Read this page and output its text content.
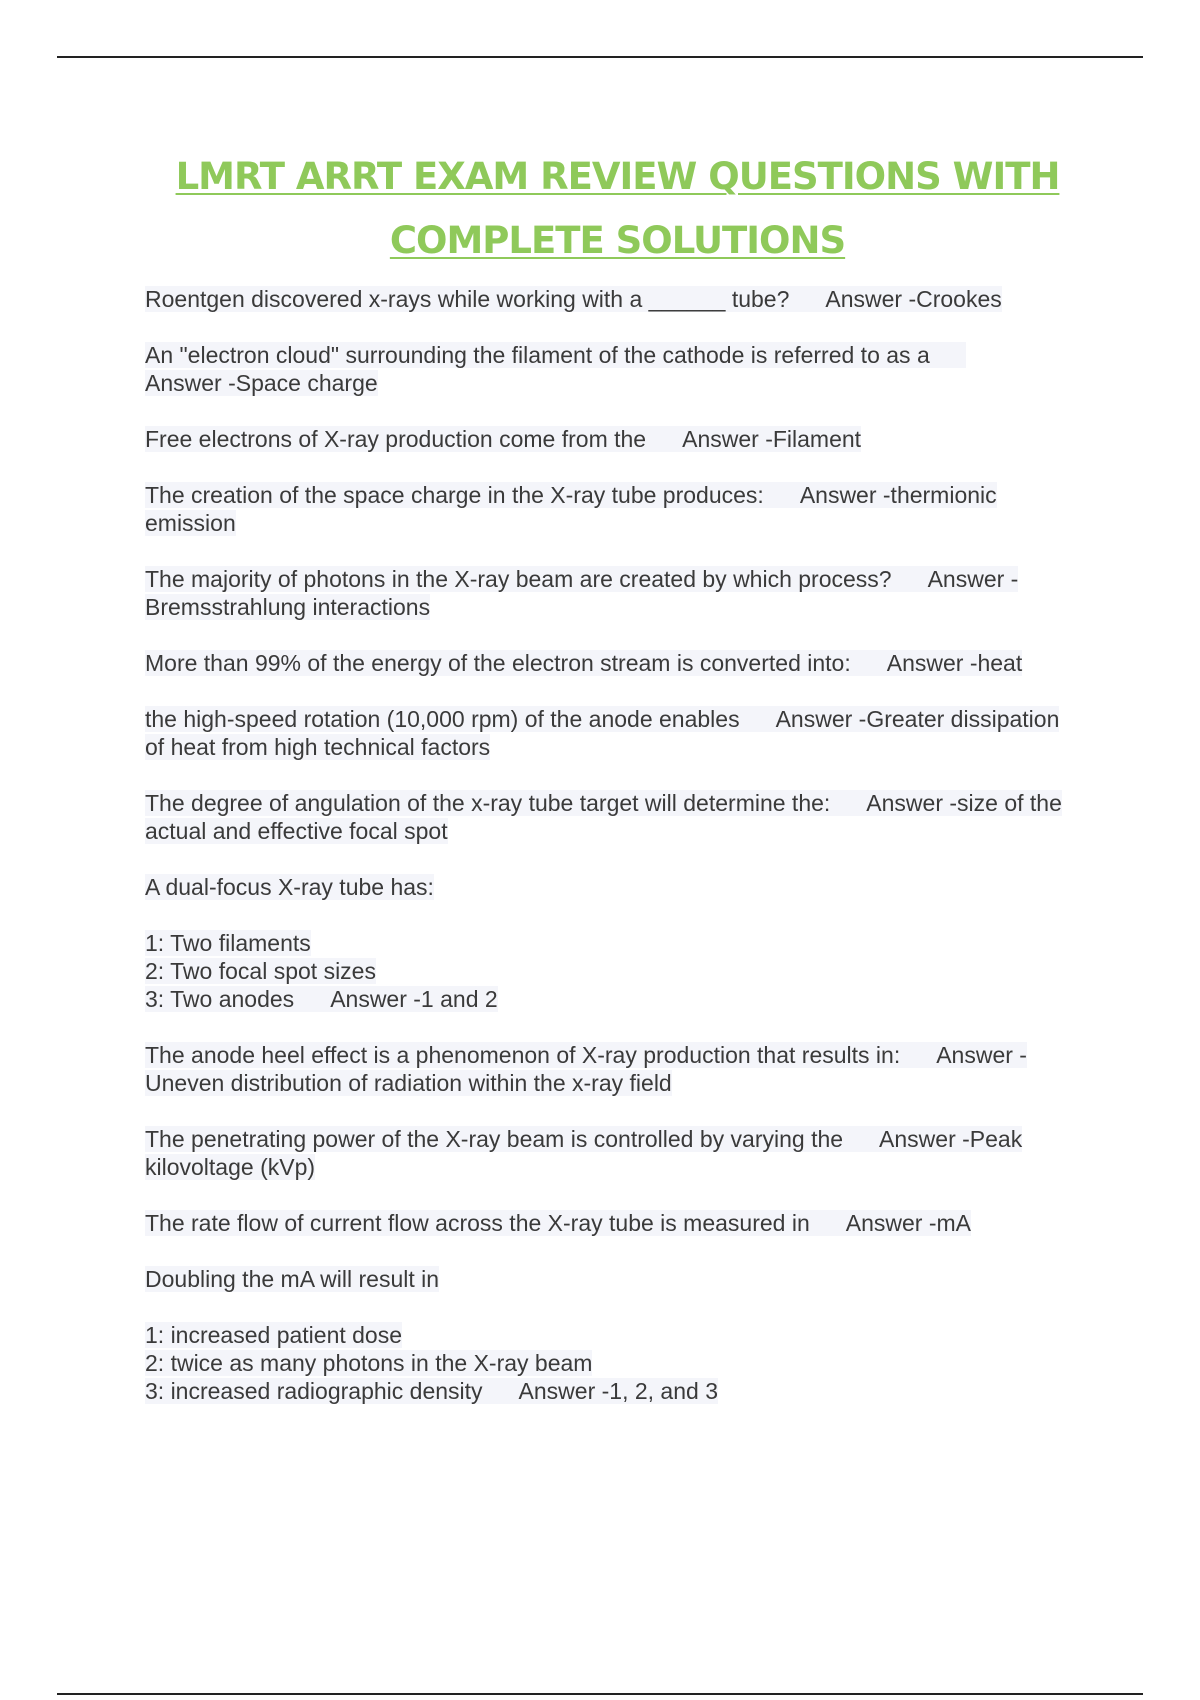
LMRT ARRT EXAM REVIEW QUESTIONS WITH
COMPLETE SOLUTIONS
Roentgen discovered x-rays while working with a ______ tube? Answer -Crookes
An "electron cloud" surrounding the filament of the cathode is referred to as a
Answer -Space charge
Free electrons of X-ray production come from the Answer -Filament
The creation of the space charge in the X-ray tube produces: Answer -thermionic emission
The majority of photons in the X-ray beam are created by which process? Answer -Bremsstrahlung interactions
More than 99% of the energy of the electron stream is converted into: Answer -heat
the high-speed rotation (10,000 rpm) of the anode enables Answer -Greater dissipation of heat from high technical factors
The degree of angulation of the x-ray tube target will determine the: Answer -size of the actual and effective focal spot
A dual-focus X-ray tube has:
1: Two filaments
2: Two focal spot sizes
3: Two anodes Answer -1 and 2
The anode heel effect is a phenomenon of X-ray production that results in: Answer -Uneven distribution of radiation within the x-ray field
The penetrating power of the X-ray beam is controlled by varying the Answer -Peak kilovoltage (kVp)
The rate flow of current flow across the X-ray tube is measured in Answer -mA
Doubling the mA will result in
1: increased patient dose
2: twice as many photons in the X-ray beam
3: increased radiographic density Answer -1, 2, and 3
